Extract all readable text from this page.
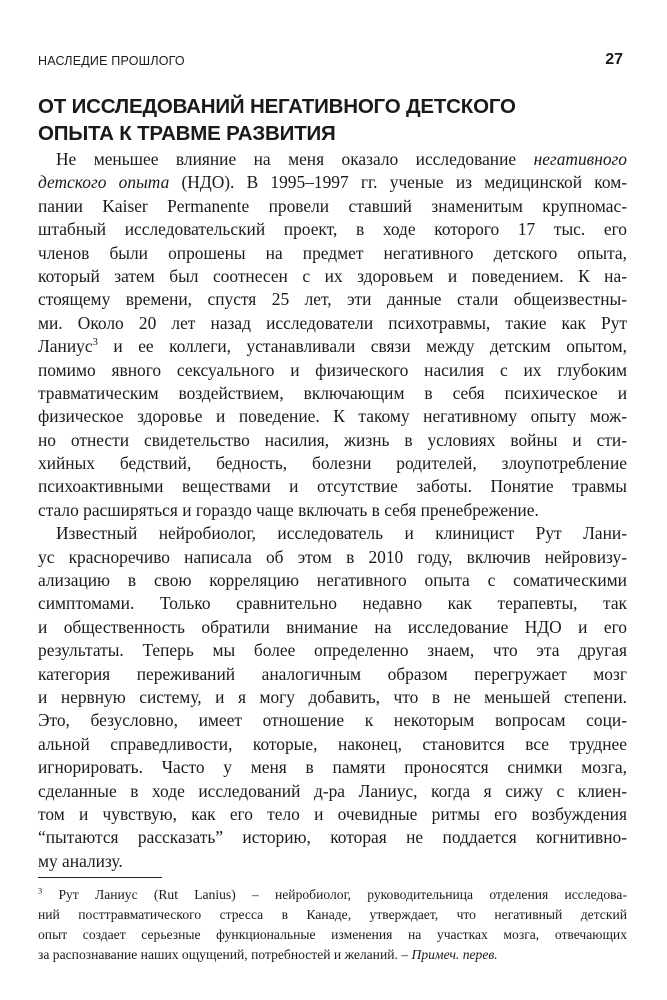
НАСЛЕДИЕ ПРОШЛОГО	27
ОТ ИССЛЕДОВАНИЙ НЕГАТИВНОГО ДЕТСКОГО
ОПЫТА К ТРАВМЕ РАЗВИТИЯ
Не меньшее влияние на меня оказало исследование негативного
детского опыта (НДО). В 1995–1997 гг. ученые из медицинской ком-
пании Kaiser Permanente провели ставший знаменитым крупномас-
штабный исследовательский проект, в ходе которого 17 тыс. его
членов были опрошены на предмет негативного детского опыта,
который затем был соотнесен с их здоровьем и поведением. К на-
стоящему времени, спустя 25 лет, эти данные стали общеизвестны-
ми. Около 20 лет назад исследователи психотравмы, такие как Рут
Ланиус$^3$ и ее коллеги, устанавливали связи между детским опытом,
помимо явного сексуального и физического насилия с их глубоким
травматическим воздействием, включающим в себя психическое и
физическое здоровье и поведение. К такому негативному опыту мож-
но отнести свидетельство насилия, жизнь в условиях войны и сти-
хийных бедствий, бедность, болезни родителей, злоупотребление
психоактивными веществами и отсутствие заботы. Понятие травмы
стало расширяться и гораздо чаще включать в себя пренебрежение.
Известный нейробиолог, исследователь и клиницист Рут Лани-
ус красноречиво написала об этом в 2010 году, включив нейровизу-
ализацию в свою корреляцию негативного опыта с соматическими
симптомами. Только сравнительно недавно как терапевты, так
и общественность обратили внимание на исследование НДО и его
результаты. Теперь мы более определенно знаем, что эта другая
категория переживаний аналогичным образом перегружает мозг
и нервную систему, и я могу добавить, что в не меньшей степени.
Это, безусловно, имеет отношение к некоторым вопросам соци-
альной справедливости, которые, наконец, становится все труднее
игнорировать. Часто у меня в памяти проносятся снимки мозга,
сделанные в ходе исследований д-ра Ланиус, когда я сижу с клиен-
том и чувствую, как его тело и очевидные ритмы его возбуждения
“пытаются рассказать” историю, которая не поддается когнитивно-
му анализу.
$^3$ Рут Ланиус (Rut Lanius) – нейробиолог, руководительница отделения исследова-
ний посттравматического стресса в Канаде, утверждает, что негативный детский
опыт создает серьезные функциональные изменения на участках мозга, отвечающих
за распознавание наших ощущений, потребностей и желаний. – Примеч. перев.
